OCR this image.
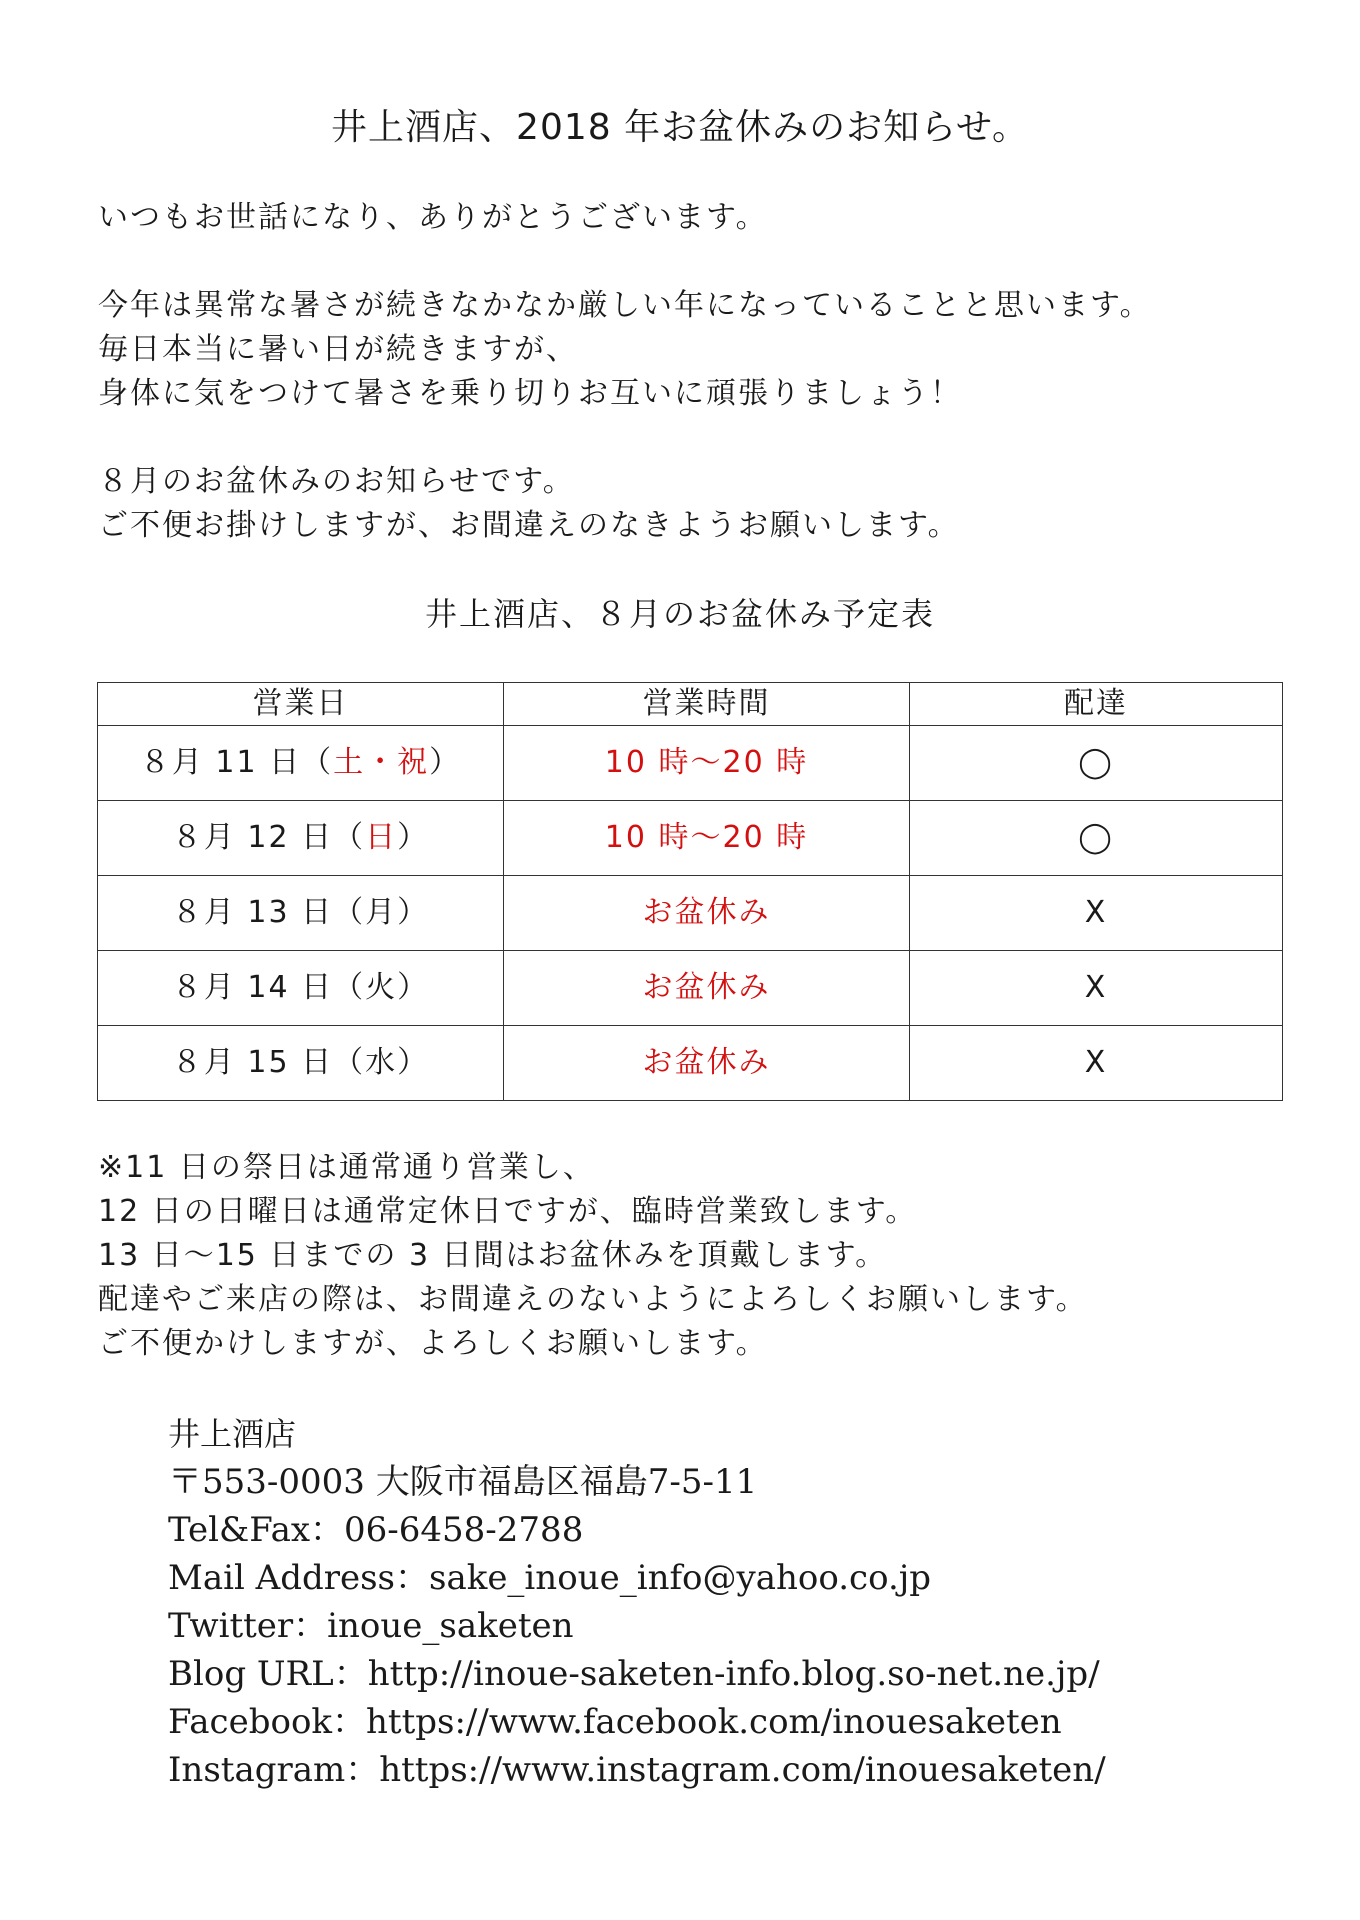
井上酒店、2018 年お盆休みのお知らせ。
いつもお世話になり、ありがとうございます。
今年は異常な暑さが続きなかなか厳しい年になっていることと思います。
毎日本当に暑い日が続きますが、
身体に気をつけて暑さを乗り切りお互いに頑張りましょう！
８月のお盆休みのお知らせです。
ご不便お掛けしますが、お間違えのなきようお願いします。
井上酒店、８月のお盆休み予定表
営業日	営業時間	配達
８月 11 日（土・祝）	10 時〜20 時	◯
８月 12 日（日）	10 時〜20 時	◯
８月 13 日（月）	お盆休み	X
８月 14 日（火）	お盆休み	X
８月 15 日（水）	お盆休み	X
※11 日の祭日は通常通り営業し、
12 日の日曜日は通常定休日ですが、臨時営業致します。
13 日〜15 日までの 3 日間はお盆休みを頂戴します。
配達やご来店の際は、お間違えのないようによろしくお願いします。
ご不便かけしますが、よろしくお願いします。
井上酒店
〒553-0003 大阪市福島区福島7-5-11
Tel&Fax：06-6458-2788
Mail Address：sake_inoue_info@yahoo.co.jp
Twitter：inoue_saketen
Blog URL：http://inoue-saketen-info.blog.so-net.ne.jp/
Facebook：https://www.facebook.com/inouesaketen
Instagram：https://www.instagram.com/inouesaketen/
